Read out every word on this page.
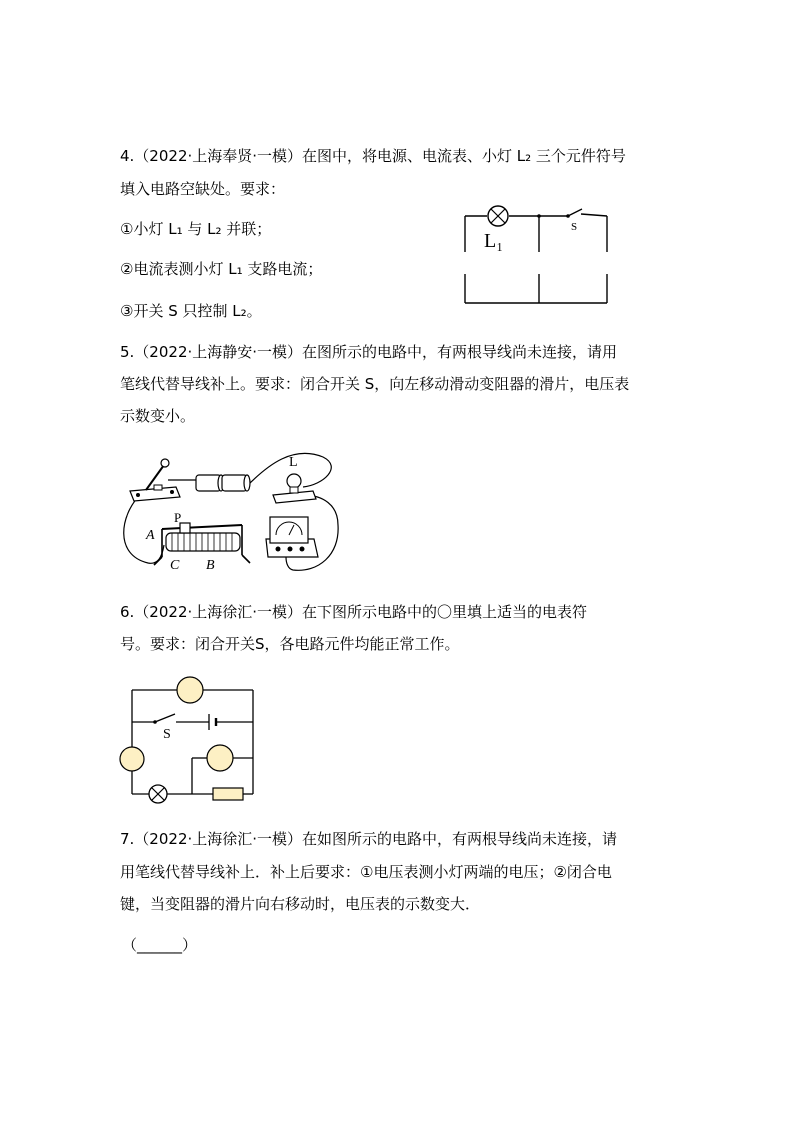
4.（2022·上海奉贤·一模）在图中，将电源、电流表、小灯 L₂ 三个元件符号
填入电路空缺处。要求：
①小灯 L₁ 与 L₂ 并联；
②电流表测小灯 L₁ 支路电流；
③开关 S 只控制 L₂。
L₁
S
5.（2022·上海静安·一模）在图所示的电路中，有两根导线尚未连接，请用
笔线代替导线补上。要求：闭合开关 S，向左移动滑动变阻器的滑片，电压表
示数变小。
L
P
A
C B
6.（2022·上海徐汇·一模）在下图所示电路中的〇里填上适当的电表符
号。要求：闭合开关S，各电路元件均能正常工作。
S
7.（2022·上海徐汇·一模）在如图所示的电路中，有两根导线尚未连接，请
用笔线代替导线补上．补上后要求：①电压表测小灯两端的电压；②闭合电
键，当变阻器的滑片向右移动时，电压表的示数变大．
（______）
